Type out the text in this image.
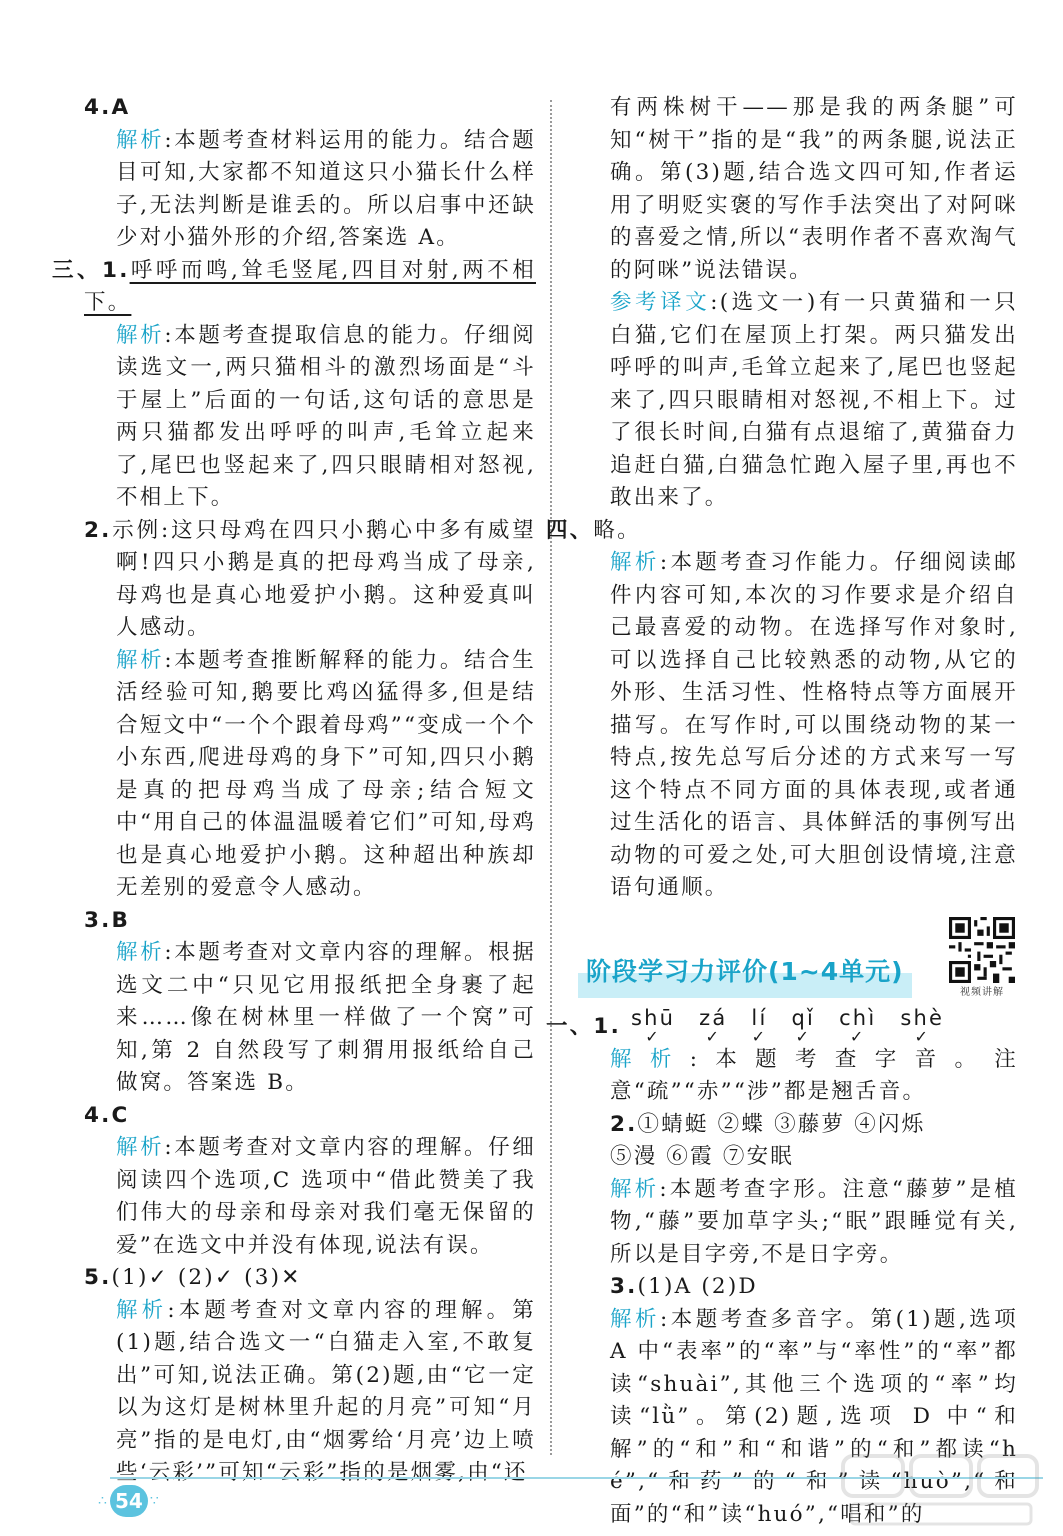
4.A

解析:本题考查材料运用的能力。结合题目可知,大家都不知道这只小猫长什么样子,无法判断是谁丢的。所以启事中还缺少对小猫外形的介绍,答案选 A。

三、1.呼呼而鸣,耸毛竖尾,四目对射,两不相下。

解析:本题考查提取信息的能力。仔细阅读选文一,两只猫相斗的激烈场面是“斗于屋上”后面的一句话,这句话的意思是两只猫都发出呼呼的叫声,毛耸立起来了,尾巴也竖起来了,四只眼睛相对怒视,不相上下。

2.示例:这只母鸡在四只小鹅心中多有威望啊!四只小鹅是真的把母鸡当成了母亲,母鸡也是真心地爱护小鹅。这种爱真叫人感动。

解析:本题考查推断解释的能力。结合生活经验可知,鹅要比鸡凶猛得多,但是结合短文中“一个个跟着母鸡”“变成一个个小东西,爬进母鸡的身下”可知,四只小鹅是真的把母鸡当成了母亲;结合短文中“用自己的体温温暖着它们”可知,母鸡也是真心地爱护小鹅。这种超出种族却无差别的爱意令人感动。

3.B

解析:本题考查对文章内容的理解。根据选文二中“只见它用报纸把全身裹了起来……像在树林里一样做了一个窝”可知,第 2 自然段写了刺猬用报纸给自己做窝。答案选 B。

4.C

解析:本题考查对文章内容的理解。仔细阅读四个选项,C 选项中“借此赞美了我们伟大的母亲和母亲对我们毫无保留的爱”在选文中并没有体现,说法有误。

5.(1)✓ (2)✓ (3)✕

解析:本题考查对文章内容的理解。第(1)题,结合选文一“白猫走入室,不敢复出”可知,说法正确。第(2)题,由“它一定以为这灯是树林里升起的月亮”可知“月亮”指的是电灯,由“烟雾给‘月亮’边上喷些‘云彩’”可知“云彩”指的是烟雾,由“还

有两株树干——那是我的两条腿”可知“树干”指的是“我”的两条腿,说法正确。第(3)题,结合选文四可知,作者运用了明贬实褒的写作手法突出了对阿咪的喜爱之情,所以“表明作者不喜欢淘气的阿咪”说法错误。

参考译文:(选文一)有一只黄猫和一只白猫,它们在屋顶上打架。两只猫发出呼呼的叫声,毛耸立起来了,尾巴也竖起来了,四只眼睛相对怒视,不相上下。过了很长时间,白猫有点退缩了,黄猫奋力追赶白猫,白猫急忙跑入屋子里,再也不敢出来了。

四、略。

解析:本题考查习作能力。仔细阅读邮件内容可知,本次的习作要求是介绍自己最喜爱的动物。在选择写作对象时,可以选择自己比较熟悉的动物,从它的外形、生活习性、性格特点等方面展开描写。在写作时,可以围绕动物的某一特点,按先总写后分述的方式来写一写这个特点不同方面的具体表现,或者通过生活化的语言、具体鲜活的事例写出动物的可爱之处,可大胆创设情境,注意语句通顺。

阶段学习力评价(1~4单元)
视频讲解
一、 1. shū
✓
zá
✓
lí
✓
qǐ
✓
chì
✓
shè
✓

解析:本题考查字音。注意“疏”“赤”“涉”都是翘舌音。

2.①蜻蜓 ②蝶 ③藤萝 ④闪烁

⑤漫 ⑥霞 ⑦安眠

解析:本题考查字形。注意“藤萝”是植物,“藤”要加草字头;“眠”跟睡觉有关,所以是目字旁,不是日字旁。

3.(1)A (2)D

解析:本题考查多音字。第(1)题,选项 A 中“表率”的“率”与“率性”的“率”都读“shuài”,其他三个选项的“率”均读“lǜ”。第(2)题,选项 D 中“和解”的“和”和“和谐”的“和”都读“hé”,“和药”的“和”读“huò”,“和面”的“和”读“huó”,“唱和”的

∴ 54 ∵
